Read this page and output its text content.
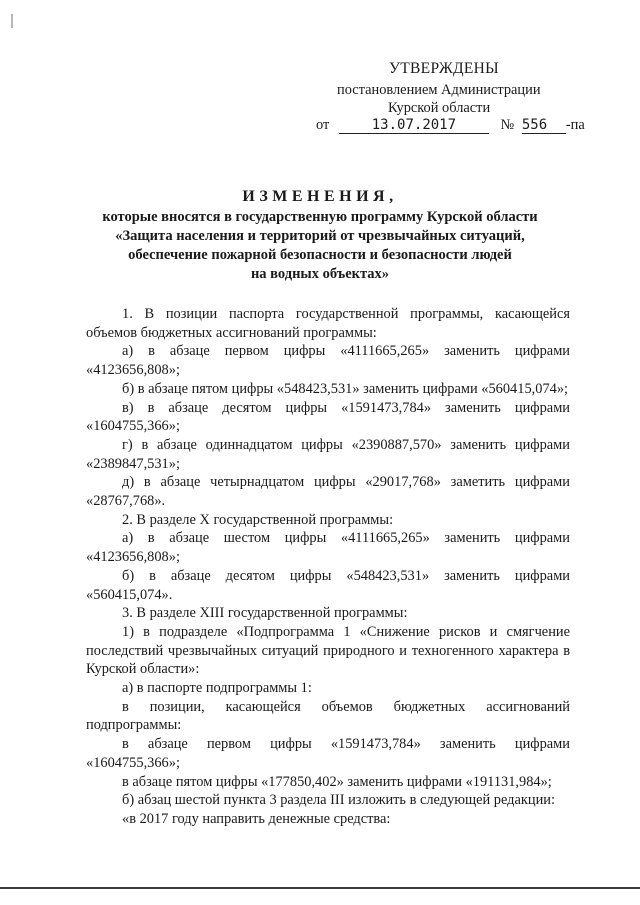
УТВЕРЖДЕНЫ
постановлением Администрации
Курской области
от	13.07.2017	№ 556 -па
ИЗМЕНЕНИЯ,
которые вносятся в государственную программу Курской области
«Защита населения и территорий от чрезвычайных ситуаций,
обеспечение пожарной безопасности и безопасности людей
на водных объектах»
1. В позиции паспорта государственной программы, касающейся объемов бюджетных ассигнований программы:
а) в абзаце первом цифры «4111665,265» заменить цифрами «4123656,808»;
б) в абзаце пятом цифры «548423,531» заменить цифрами «560415,074»;
в) в абзаце десятом цифры «1591473,784» заменить цифрами «1604755,366»;
г) в абзаце одиннадцатом цифры «2390887,570» заменить цифрами «2389847,531»;
д) в абзаце четырнадцатом цифры «29017,768» заметить цифрами «28767,768».
2. В разделе X государственной программы:
а) в абзаце шестом цифры «4111665,265» заменить цифрами «4123656,808»;
б) в абзаце десятом цифры «548423,531» заменить цифрами «560415,074».
3. В разделе XIII государственной программы:
1) в подразделе «Подпрограмма 1 «Снижение рисков и смягчение последствий чрезвычайных ситуаций природного и техногенного характера в Курской области»:
а) в паспорте подпрограммы 1:
в позиции, касающейся объемов бюджетных ассигнований подпрограммы:
в абзаце первом цифры «1591473,784» заменить цифрами «1604755,366»;
в абзаце пятом цифры «177850,402» заменить цифрами «191131,984»;
б) абзац шестой пункта 3 раздела III изложить в следующей редакции:
«в 2017 году направить денежные средства:
